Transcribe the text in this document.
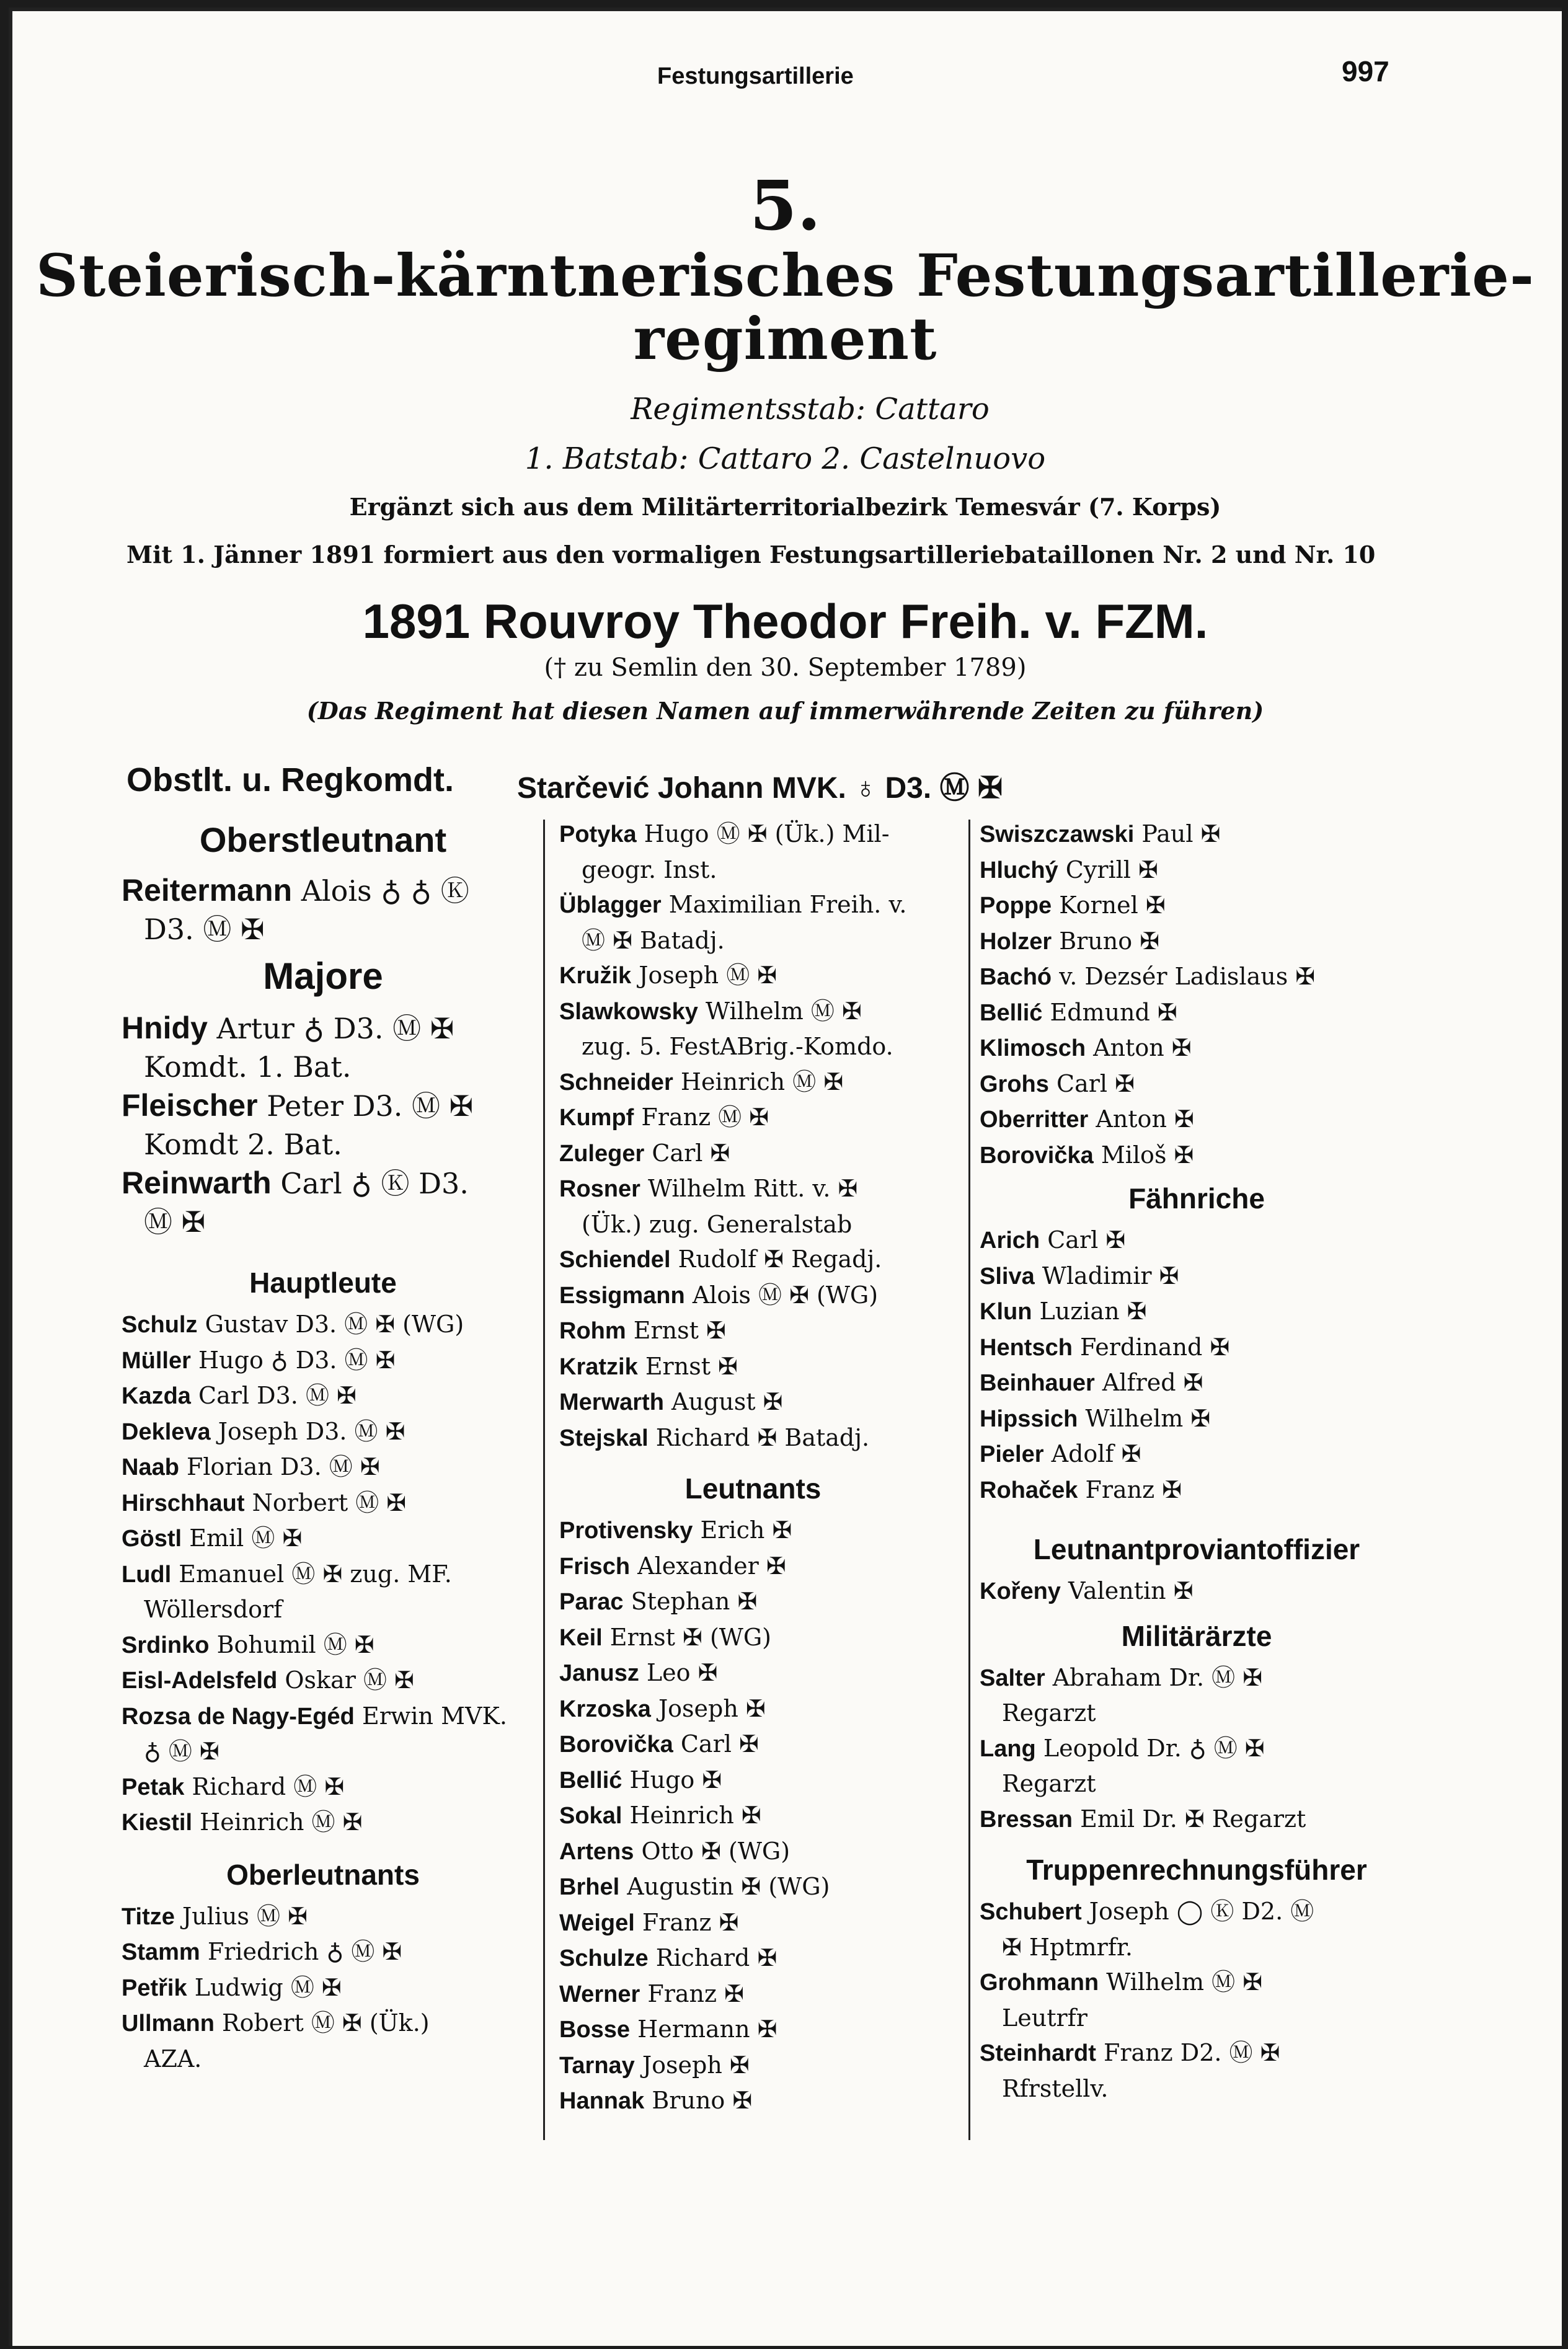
Festungsartillerie	997
5.
Steierisch-kärntnerisches Festungsartillerie-
regiment
Regimentsstab: Cattaro
1. Batstab: Cattaro 2. Castelnuovo
Ergänzt sich aus dem Militärterritorialbezirk Temesvár (7. Korps)
Mit 1. Jänner 1891 formiert aus den vormaligen Festungsartilleriebataillonen Nr. 2 und Nr. 10
1891 Rouvroy Theodor Freih. v. FZM.
(† zu Semlin den 30. September 1789)
(Das Regiment hat diesen Namen auf immerwährende Zeiten zu führen)
Obstlt. u. Regkomdt. Starčević Johann MVK. ♁ D3. Ⓜ ✠

Oberstleutnant

Reitermann Alois ♁ ♁ Ⓚ
D3. Ⓜ ✠

Majore

Hnidy Artur ♁ D3. Ⓜ ✠
Komdt. 1. Bat.

Fleischer Peter D3. Ⓜ ✠
Komdt 2. Bat.

Reinwarth Carl ♁ Ⓚ D3.
Ⓜ ✠

Hauptleute

Schulz Gustav D3. Ⓜ ✠ (WG)

Müller Hugo ♁ D3. Ⓜ ✠

Kazda Carl D3. Ⓜ ✠

Dekleva Joseph D3. Ⓜ ✠

Naab Florian D3. Ⓜ ✠

Hirschhaut Norbert Ⓜ ✠

Göstl Emil Ⓜ ✠

Ludl Emanuel Ⓜ ✠ zug. MF.
Wöllersdorf

Srdinko Bohumil Ⓜ ✠

Eisl-Adelsfeld Oskar Ⓜ ✠

Rozsa de Nagy-Egéd Erwin MVK.
♁ Ⓜ ✠

Petak Richard Ⓜ ✠

Kiestil Heinrich Ⓜ ✠

Oberleutnants

Titze Julius Ⓜ ✠

Stamm Friedrich ♁ Ⓜ ✠

Petřik Ludwig Ⓜ ✠

Ullmann Robert Ⓜ ✠ (Ük.)
AZA.

Potyka Hugo Ⓜ ✠ (Ük.) Mil-
geogr. Inst.

Üblagger Maximilian Freih. v.
Ⓜ ✠ Batadj.

Kružik Joseph Ⓜ ✠

Slawkowsky Wilhelm Ⓜ ✠
zug. 5. FestABrig.-Komdo.

Schneider Heinrich Ⓜ ✠

Kumpf Franz Ⓜ ✠

Zuleger Carl ✠

Rosner Wilhelm Ritt. v. ✠
(Ük.) zug. Generalstab

Schiendel Rudolf ✠ Regadj.

Essigmann Alois Ⓜ ✠ (WG)

Rohm Ernst ✠

Kratzik Ernst ✠

Merwarth August ✠

Stejskal Richard ✠ Batadj.

Leutnants

Protivensky Erich ✠

Frisch Alexander ✠

Parac Stephan ✠

Keil Ernst ✠ (WG)

Janusz Leo ✠

Krzoska Joseph ✠

Borovička Carl ✠

Bellić Hugo ✠

Sokal Heinrich ✠

Artens Otto ✠ (WG)

Brhel Augustin ✠ (WG)

Weigel Franz ✠

Schulze Richard ✠

Werner Franz ✠

Bosse Hermann ✠

Tarnay Joseph ✠

Hannak Bruno ✠

Swiszczawski Paul ✠

Hluchý Cyrill ✠

Poppe Kornel ✠

Holzer Bruno ✠

Bachó v. Dezsér Ladislaus ✠

Bellić Edmund ✠

Klimosch Anton ✠

Grohs Carl ✠

Oberritter Anton ✠

Borovička Miloš ✠

Fähnriche

Arich Carl ✠

Sliva Wladimir ✠

Klun Luzian ✠

Hentsch Ferdinand ✠

Beinhauer Alfred ✠

Hipssich Wilhelm ✠

Pieler Adolf ✠

Rohaček Franz ✠

Leutnantproviantoffizier

Kořeny Valentin ✠

Militärärzte

Salter Abraham Dr. Ⓜ ✠
Regarzt

Lang Leopold Dr. ♁ Ⓜ ✠
Regarzt

Bressan Emil Dr. ✠ Regarzt

Truppenrechnungsführer

Schubert Joseph ◯ Ⓚ D2. Ⓜ
✠ Hptmrfr.

Grohmann Wilhelm Ⓜ ✠
Leutrfr

Steinhardt Franz D2. Ⓜ ✠
Rfrstellv.
